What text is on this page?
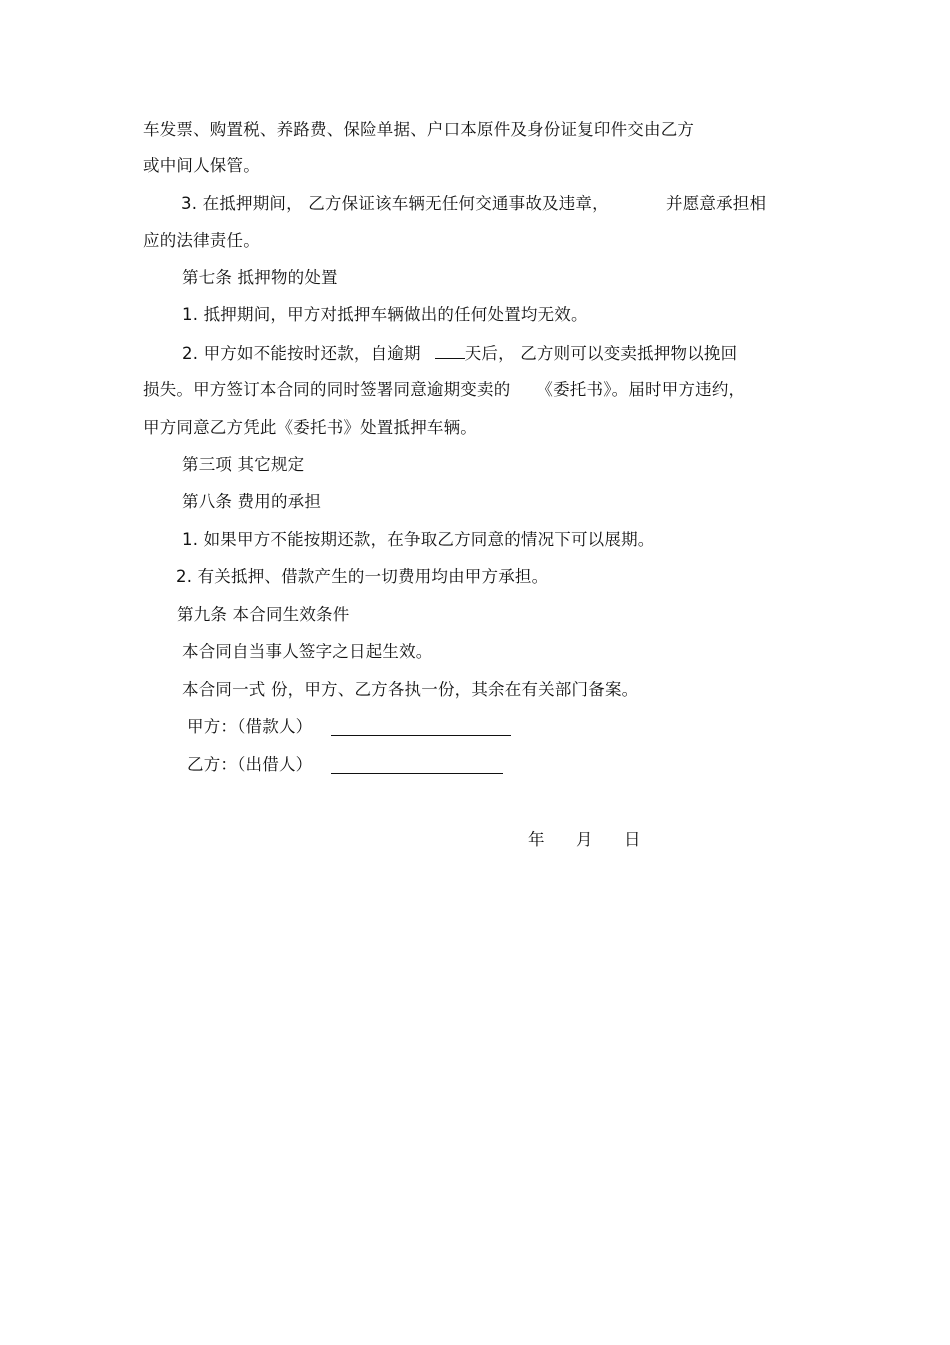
车发票、购置税、养路费、保险单据、户口本原件及身份证复印件交由乙方
或中间人保管。
3. 在抵押期间， 乙方保证该车辆无任何交通事故及违章，	并愿意承担相
应的法律责任。
第七条 抵押物的处置
1. 抵押期间，甲方对抵押车辆做出的任何处置均无效。
2. 甲方如不能按时还款，自逾期	天后， 乙方则可以变卖抵押物以挽回
损失。甲方签订本合同的同时签署同意逾期变卖的 《委托书》。届时甲方违约，
甲方同意乙方凭此《委托书》处置抵押车辆。
第三项 其它规定
第八条 费用的承担
1. 如果甲方不能按期还款，在争取乙方同意的情况下可以展期。
2. 有关抵押、借款产生的一切费用均由甲方承担。
第九条 本合同生效条件
本合同自当事人签字之日起生效。
本合同一式 份，甲方、乙方各执一份，其余在有关部门备案。
甲方：（借款人）
乙方：（出借人）
年 月 日
